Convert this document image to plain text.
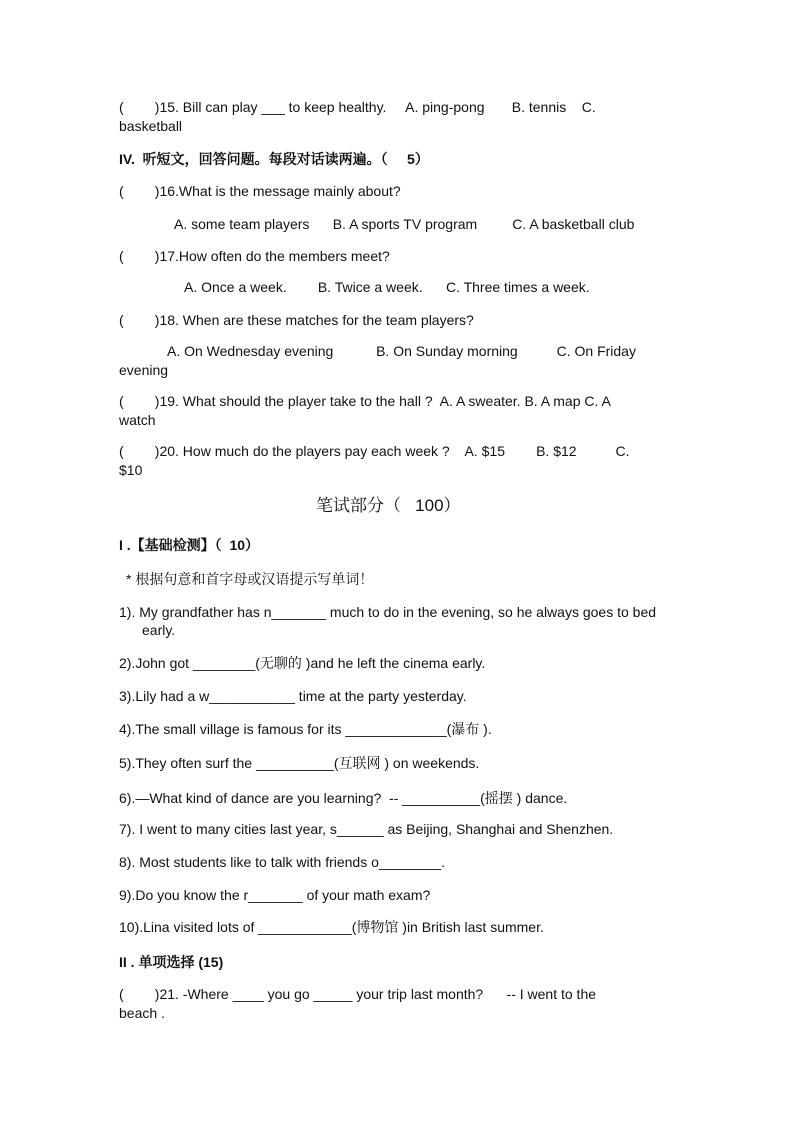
(        )15. Bill can play ___ to keep healthy.     A. ping-pong       B. tennis    C.
basketball
IV.  听短文，回答问题。每段对话读两遍。（     5）
(        )16.What is the message mainly about?
A. some team players      B. A sports TV program         C. A basketball club
(        )17.How often do the members meet?
A. Once a week.        B. Twice a week.      C. Three times a week.
(        )18. When are these matches for the team players?
A. On Wednesday evening           B. On Sunday morning          C. On Friday
evening
(        )19. What should the player take to the hall ?  A. A sweater. B. A map C. A
watch
(        )20. How much do the players pay each week ?    A. $15        B. $12          C.
$10
笔试部分（   100）
I .【基础检测】（  10）
* 根据句意和首字母或汉语提示写单词！
1). My grandfather has n_______ much to do in the evening, so he always goes to bed
early.
2).John got ________(无聊的 )and he left the cinema early.
3).Lily had a w___________ time at the party yesterday.
4).The small village is famous for its _____________(瀑布 ).
5).They often surf the __________(互联网 ) on weekends.
6).—What kind of dance are you learning?  -- __________(摇摆 ) dance.
7). I went to many cities last year, s______ as Beijing, Shanghai and Shenzhen.
8). Most students like to talk with friends o________.
9).Do you know the r_______ of your math exam?
10).Lina visited lots of ____________(博物馆 )in British last summer.
II . 单项选择 (15)
(        )21. -Where ____ you go _____ your trip last month?      -- I went to the
beach .
